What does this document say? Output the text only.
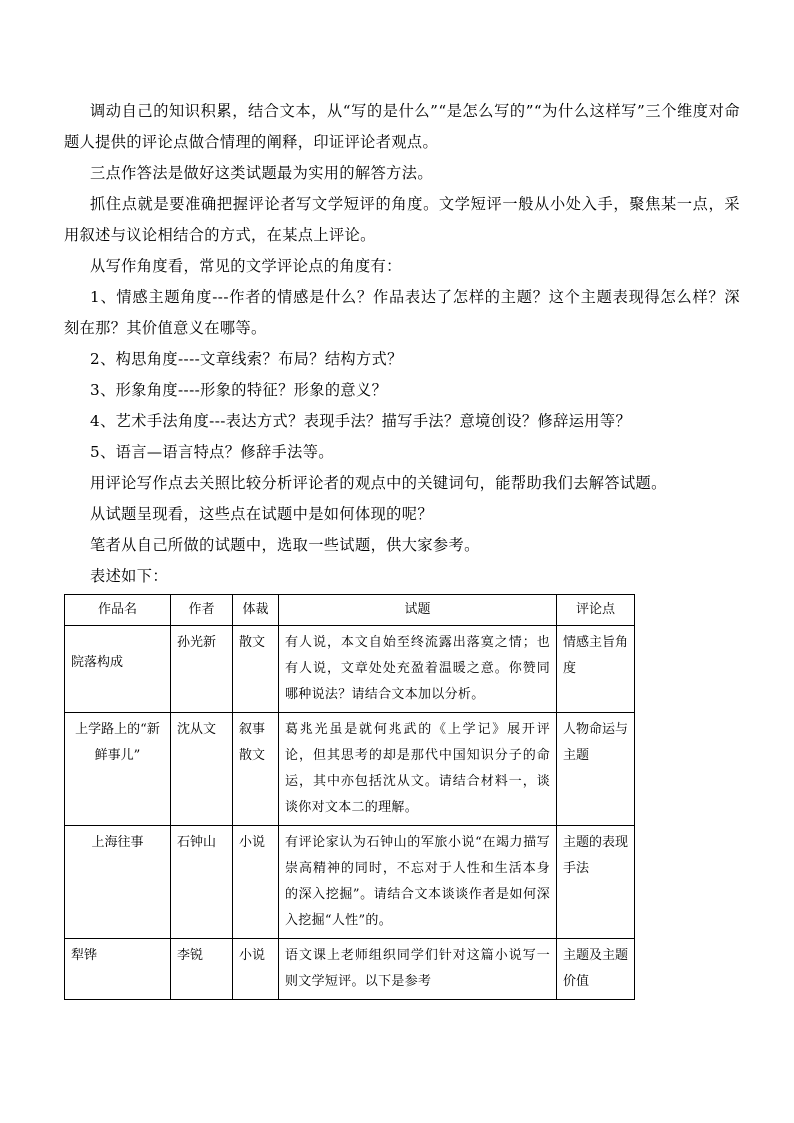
调动自己的知识积累，结合文本，从“写的是什么”“是怎么写的”“为什么这样写”三个维度对命题人提供的评论点做合情理的阐释，印证评论者观点。

三点作答法是做好这类试题最为实用的解答方法。

抓住点就是要准确把握评论者写文学短评的角度。文学短评一般从小处入手，聚焦某一点，采用叙述与议论相结合的方式，在某点上评论。

从写作角度看，常见的文学评论点的角度有：

1、情感主题角度---作者的情感是什么？作品表达了怎样的主题？这个主题表现得怎么样？深刻在那？其价值意义在哪等。

2、构思角度----文章线索？布局？结构方式？

3、形象角度----形象的特征？形象的意义？

4、艺术手法角度---表达方式？表现手法？描写手法？意境创设？修辞运用等？

5、语言—语言特点？修辞手法等。

用评论写作点去关照比较分析评论者的观点中的关键词句，能帮助我们去解答试题。

从试题呈现看，这些点在试题中是如何体现的呢？

笔者从自己所做的试题中，选取一些试题，供大家参考。

表述如下：

作品名	作者	体裁	试题	评论点

院落构成	孙光新	散文	有人说，本文自始至终流露出落寞之情；也有人说，文章处处充盈着温暖之意。你赞同哪种说法？请结合文本加以分析。	情感主旨角度
上学路上的“新鲜事儿”	沈从文	叙事散文	葛兆光虽是就何兆武的《上学记》展开评论，但其思考的却是那代中国知识分子的命运，其中亦包括沈从文。请结合材料一，谈谈你对文本二的理解。	人物命运与主题
上海往事	石钟山	小说	有评论家认为石钟山的军旅小说“在竭力描写崇高精神的同时，不忘对于人性和生活本身的深入挖掘”。请结合文本谈谈作者是如何深入挖掘“人性”的。	主题的表现手法
犁铧	李锐	小说	语文课上老师组织同学们针对这篇小说写一则文学短评。以下是参考	主题及主题价值
